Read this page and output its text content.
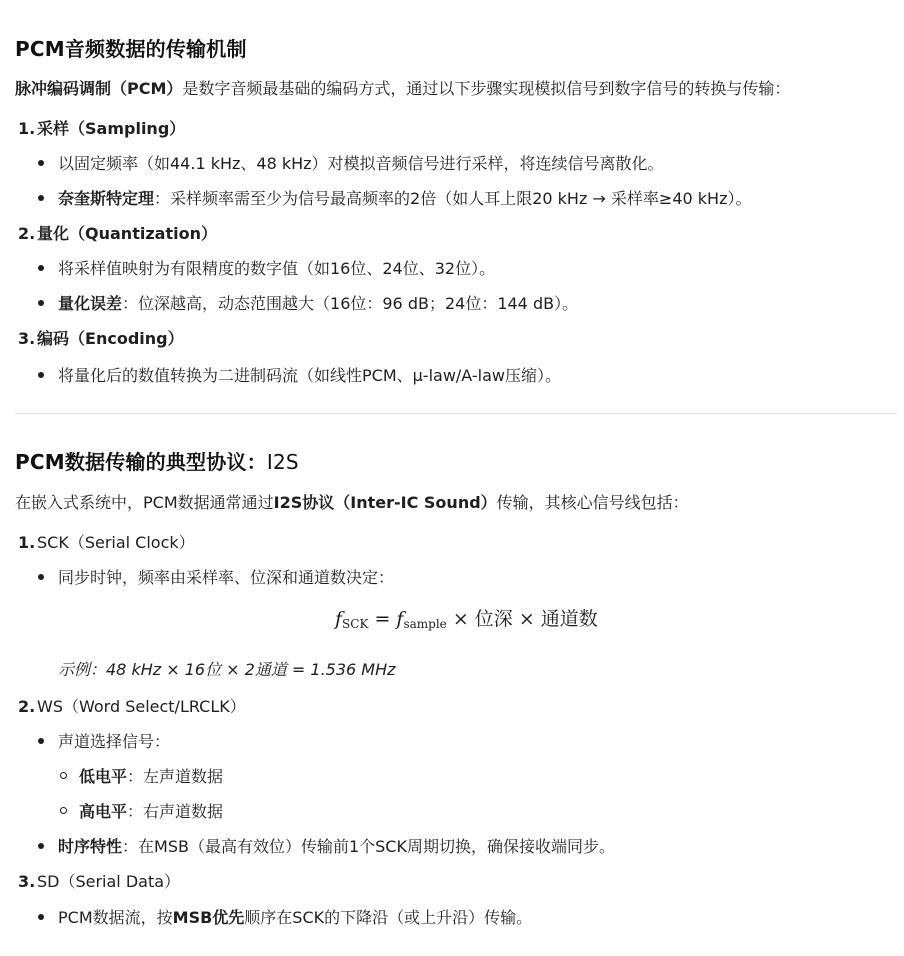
PCM音频数据的传输机制
脉冲编码调制（PCM）是数字音频最基础的编码方式，通过以下步骤实现模拟信号到数字信号的转换与传输：
1. 采样（Sampling）
以固定频率（如44.1 kHz、48 kHz）对模拟音频信号进行采样，将连续信号离散化。
奈奎斯特定理：采样频率需至少为信号最高频率的2倍（如人耳上限20 kHz → 采样率≥40 kHz）。
2. 量化（Quantization）
将采样值映射为有限精度的数字值（如16位、24位、32位）。
量化误差：位深越高，动态范围越大（16位：96 dB；24位：144 dB）。
3. 编码（Encoding）
将量化后的数值转换为二进制码流（如线性PCM、μ-law/A-law压缩）。
PCM数据传输的典型协议：I2S
在嵌入式系统中，PCM数据通常通过I2S协议（Inter-IC Sound）传输，其核心信号线包括：
1. SCK（Serial Clock）
同步时钟，频率由采样率、位深和通道数决定：
$f_{SCK} = f_{sample}$ × 位深 × 通道数
示例：48 kHz × 16位 × 2通道 = 1.536 MHz
2. WS（Word Select/LRCLK）
声道选择信号：
低电平：左声道数据
高电平：右声道数据
时序特性：在MSB（最高有效位）传输前1个SCK周期切换，确保接收端同步。
3. SD（Serial Data）
PCM数据流，按MSB优先顺序在SCK的下降沿（或上升沿）传输。
